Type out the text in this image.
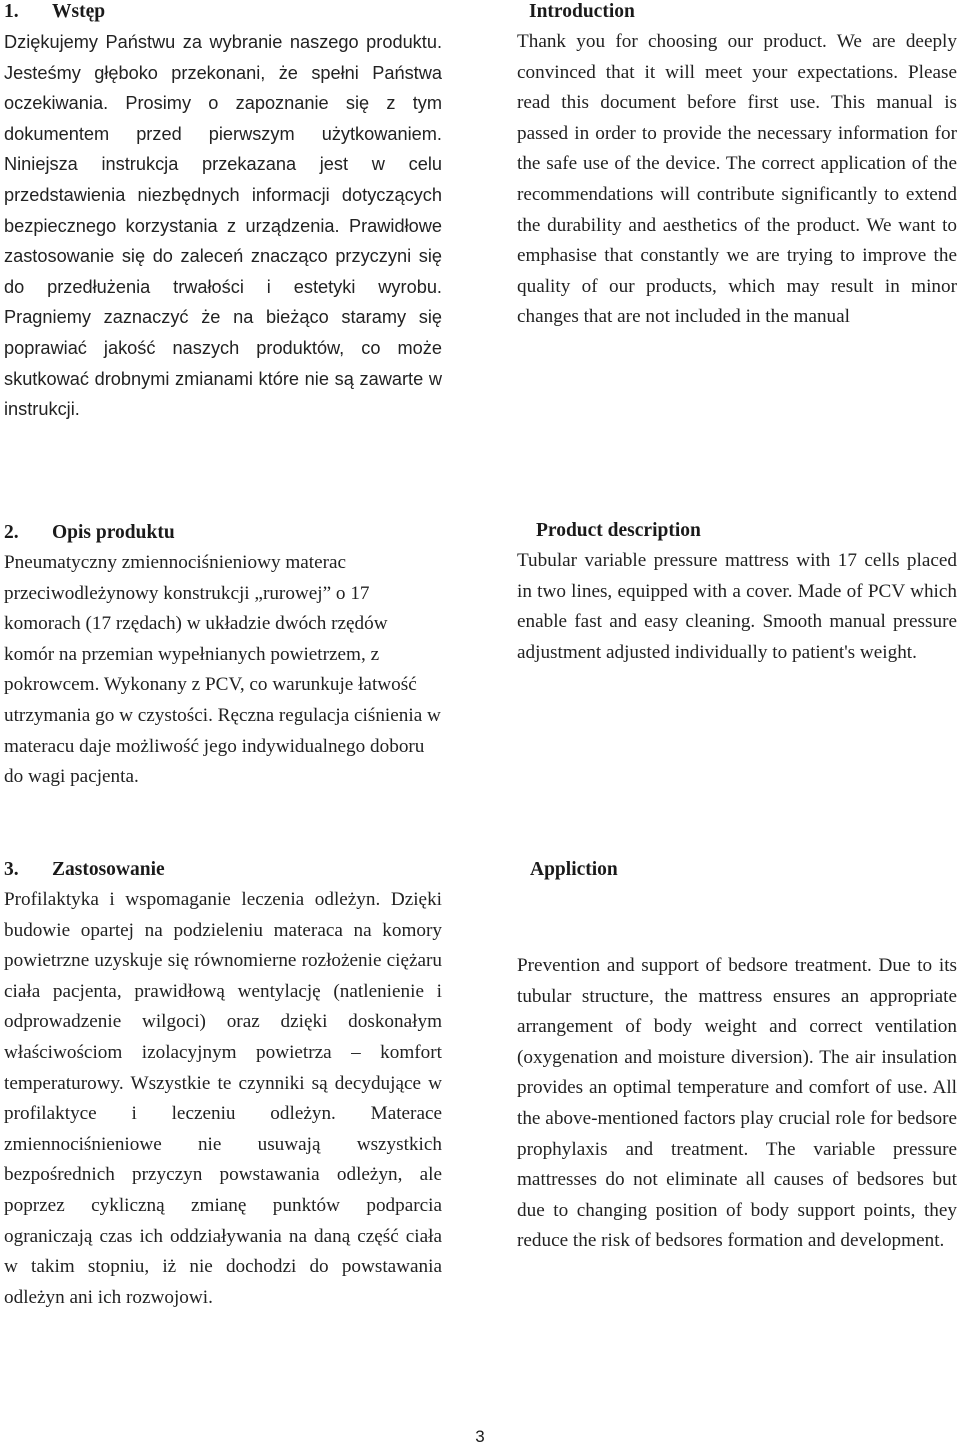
1. Wstęp

Dziękujemy Państwu za wybranie naszego produktu. Jesteśmy głęboko przekonani, że spełni Państwa oczekiwania. Prosimy o zapoznanie się z tym dokumentem przed pierwszym użytkowaniem. Niniejsza instrukcja przekazana jest w celu przedstawienia niezbędnych informacji dotyczących bezpiecznego korzystania z urządzenia. Prawidłowe zastosowanie się do zaleceń znacząco przyczyni się do przedłużenia trwałości i estetyki wyrobu. Pragniemy zaznaczyć że na bieżąco staramy się poprawiać jakość naszych produktów, co może skutkować drobnymi zmianami które nie są zawarte w instrukcji.

2. Opis produktu

Pneumatyczny zmiennociśnieniowy materac przeciwodleżynowy konstrukcji „rurowej” o 17 komorach (17 rzędach) w układzie dwóch rzędów komór na przemian wypełnianych powietrzem, z pokrowcem. Wykonany z PCV, co warunkuje łatwość utrzymania go w czystości. Ręczna regulacja ciśnienia w materacu daje możliwość jego indywidualnego doboru do wagi pacjenta.

3. Zastosowanie

Profilaktyka i wspomaganie leczenia odleżyn. Dzięki budowie opartej na podzieleniu materaca na komory powietrzne uzyskuje się równomierne rozłożenie ciężaru ciała pacjenta, prawidłową wentylację (natlenienie i odprowadzenie wilgoci) oraz dzięki doskonałym właściwościom izolacyjnym powietrza – komfort temperaturowy. Wszystkie te czynniki są decydujące w profilaktyce i leczeniu odleżyn. Materace zmiennociśnieniowe nie usuwają wszystkich bezpośrednich przyczyn powstawania odleżyn, ale poprzez cykliczną zmianę punktów podparcia ograniczają czas ich oddziaływania na daną część ciała w takim stopniu, iż nie dochodzi do powstawania odleżyn ani ich rozwojowi.

Introduction

Thank you for choosing our product. We are deeply convinced that it will meet your expectations. Please read this document before first use. This manual is passed in order to provide the necessary information for the safe use of the device. The correct application of the recommendations will contribute significantly to extend the durability and aesthetics of the product. We want to emphasise that constantly we are trying to improve the quality of our products, which may result in minor changes that are not included in the manual

Product description

Tubular variable pressure mattress with 17 cells placed in two lines, equipped with a cover. Made of PCV which enable fast and easy cleaning. Smooth manual pressure adjustment adjusted individually to patient's weight.

Appliction

Prevention and support of bedsore treatment. Due to its tubular structure, the mattress ensures an appropriate arrangement of body weight and correct ventilation (oxygenation and moisture diversion). The air insulation provides an optimal temperature and comfort of use. All the above-mentioned factors play crucial role for bedsore prophylaxis and treatment. The variable pressure mattresses do not eliminate all causes of bedsores but due to changing position of body support points, they reduce the risk of bedsores formation and development.

3
